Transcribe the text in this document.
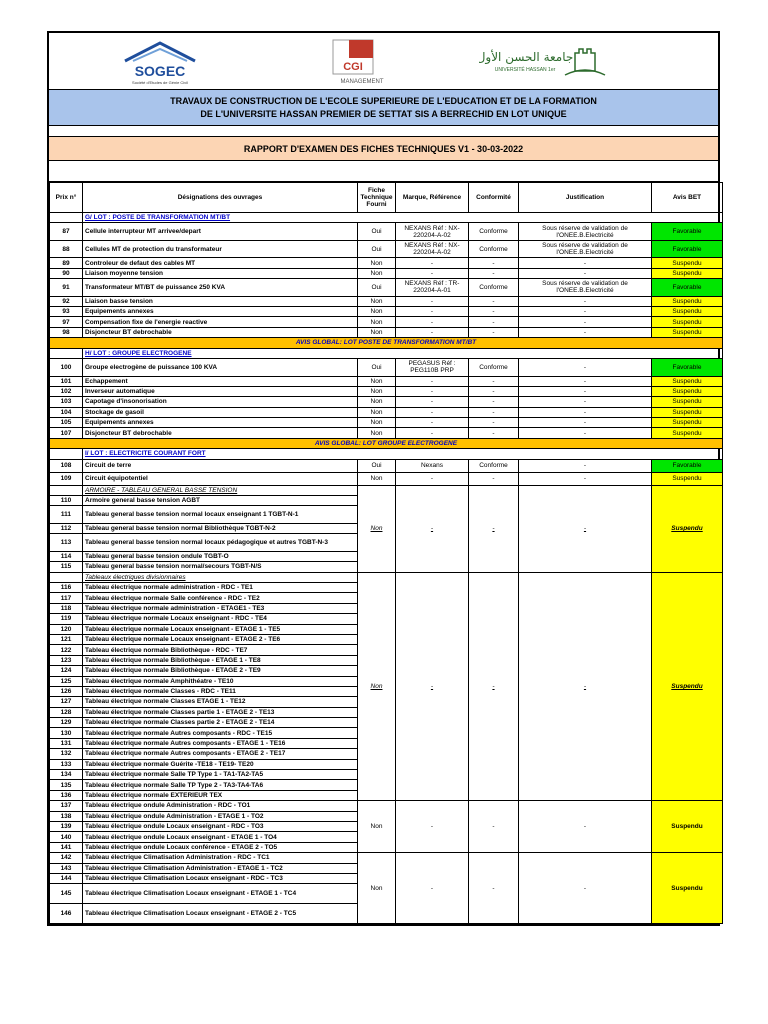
SOGEC
Société d'Etudes de Génie Civil
CGI
MANAGEMENT
جامعة الحسن الأول
UNIVERSITÉ HASSAN 1er
TRAVAUX DE CONSTRUCTION DE L'ECOLE SUPERIEURE DE L'EDUCATION ET DE LA FORMATION
DE L'UNIVERSITE HASSAN PREMIER DE SETTAT SIS A BERRECHID EN LOT UNIQUE
RAPPORT D'EXAMEN DES FICHES TECHNIQUES V1 - 30-03-2022
Prix n°	Désignations des ouvrages	Fiche Technique Fourni	Marque, Référence	Conformité	Justification	Avis BET
	G/ LOT : POSTE DE TRANSFORMATION MT/BT					
87	Cellule interrupteur MT arrivee/depart	Oui	NEXANS Réf : NX-220204-A-02	Conforme	Sous réserve de validation de l'ONEE.B.Electricité	Favorable
88	Cellules MT de protection du transformateur	Oui	NEXANS Réf : NX-220204-A-02	Conforme	Sous réserve de validation de l'ONEE.B.Electricité	Favorable
89	Controleur de defaut des cables MT	Non	-	-	-	Suspendu
90	Liaison moyenne tension	Non	-	-	-	Suspendu
91	Transformateur MT/BT de puissance 250 KVA	Oui	NEXANS Réf : TR-220204-A-01	Conforme	Sous réserve de validation de l'ONEE.B.Electricité	Favorable
92	Liaison basse tension	Non	-	-	-	Suspendu
93	Equipements annexes	Non	-	-	-	Suspendu
97	Compensation fixe de l'energie reactive	Non	-	-	-	Suspendu
98	Disjoncteur BT debrochable	Non	-	-	-	Suspendu
AVIS GLOBAL: LOT POSTE DE TRANSFORMATION MT/BT						
	H/ LOT : GROUPE ELECTROGENE					
100	Groupe electrogène de puissance 100 KVA	Oui	PEGASUS Réf : PEG110B PRP	Conforme	-	Favorable
101	Echappement	Non	-	-	-	Suspendu
102	Inverseur automatique	Non	-	-	-	Suspendu
103	Capotage d'insonorisation	Non	-	-	-	Suspendu
104	Stockage de gasoil	Non	-	-	-	Suspendu
105	Equipements annexes	Non	-	-	-	Suspendu
107	Disjoncteur BT debrochable	Non	-	-	-	Suspendu
AVIS GLOBAL: LOT GROUPE ELECTROGENE						
	I/ LOT : ELECTRICITE COURANT FORT					
108	Circuit de terre	Oui	Nexans	Conforme	-	Favorable
109	Circuit équipotentiel	Non	-	-	-	Suspendu
	ARMOIRE - TABLEAU GENERAL BASSE TENSION	Non	-	-	-	Suspendu
110	Armoire general basse tension AGBT					
111	Tableau general basse tension normal locaux enseignant 1 TGBT-N-1					
112	Tableau general basse tension normal Bibliothèque TGBT-N-2					
113	Tableau general basse tension normal locaux pédagogique et autres TGBT-N-3					
114	Tableau general basse tension ondule TGBT-O					
115	Tableau general basse tension normal/secours TGBT-N/S					
	Tableaux électriques divisionnaires	Non	-	-	-	Suspendu
116	Tableau électrique normale administration - RDC - TE1					
117	Tableau électrique normale Salle conférence - RDC - TE2					
118	Tableau électrique normale administration - ETAGE1 - TE3					
119	Tableau électrique normale Locaux enseignant - RDC - TE4					
120	Tableau électrique normale Locaux enseignant - ETAGE 1 - TE5					
121	Tableau électrique normale Locaux enseignant - ETAGE 2 - TE6					
122	Tableau électrique normale Bibliothèque - RDC - TE7					
123	Tableau électrique normale Bibliothèque - ETAGE 1 - TE8					
124	Tableau électrique normale Bibliothèque - ETAGE 2 - TE9					
125	Tableau électrique normale Amphithéatre - TE10					
126	Tableau électrique normale Classes - RDC - TE11					
127	Tableau électrique normale Classes ETAGE 1 - TE12					
128	Tableau électrique normale Classes partie 1 - ETAGE 2 - TE13					
129	Tableau électrique normale Classes partie 2 - ETAGE 2 - TE14					
130	Tableau électrique normale Autres composants - RDC - TE15					
131	Tableau électrique normale Autres composants - ETAGE 1 - TE16					
132	Tableau électrique normale Autres composants - ETAGE 2 - TE17					
133	Tableau électrique normale Guérite -TE18 - TE19- TE20					
134	Tableau électrique normale Salle TP Type 1 - TA1-TA2-TA5					
135	Tableau électrique normale Salle TP Type 2 - TA3-TA4-TA6					
136	Tableau électrique normale EXTERIEUR TEX					
137	Tableau électrique ondule Administration - RDC - TO1	Non	-	-	-	Suspendu
138	Tableau électrique ondule Administration - ETAGE 1 - TO2					
139	Tableau électrique ondule Locaux enseignant - RDC - TO3					
140	Tableau électrique ondule Locaux enseignant - ETAGE 1 - TO4					
141	Tableau électrique ondule Locaux conférence - ETAGE 2 - TO5					
142	Tableau électrique Climatisation Administration - RDC - TC1	Non	-	-	-	Suspendu
143	Tableau électrique Climatisation Administration - ETAGE 1 - TC2					
144	Tableau électrique Climatisation Locaux enseignant - RDC - TC3					
145	Tableau électrique Climatisation Locaux enseignant - ETAGE 1 - TC4					
146	Tableau électrique Climatisation Locaux enseignant - ETAGE 2 - TC5					
